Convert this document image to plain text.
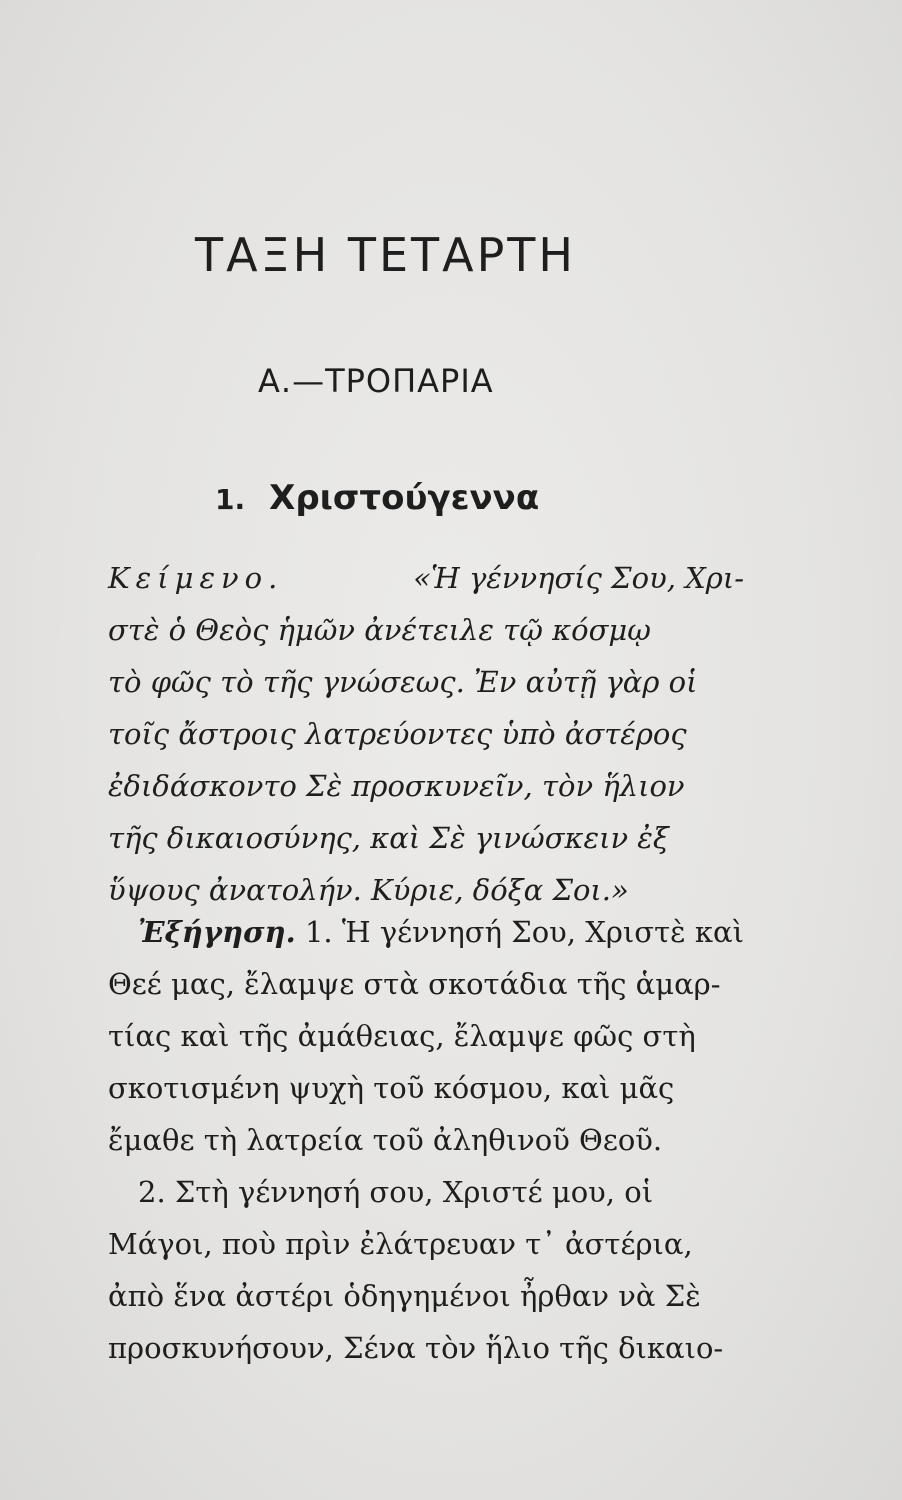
ΤΑΞΗ ΤΕΤΑΡΤΗ
Α.—ΤΡΟΠΑΡΙΑ
1. Χριστούγεννα
Κείμενο.	«Ἡ γέννησίς Σου, Χρι-
στὲ ὁ Θεὸς ἡμῶν ἀνέτειλε τῷ κόσμῳ
τὸ φῶς τὸ τῆς γνώσεως. Ἐν αὐτῇ γὰρ οἱ
τοῖς ἄστροις λατρεύοντες ὑπὸ ἀστέρος
ἐδιδάσκοντο Σὲ προσκυνεῖν, τὸν ἥλιον
τῆς δικαιοσύνης, καὶ Σὲ γινώσκειν ἐξ
ὕψους ἀνατολήν. Κύριε, δόξα Σοι.»
Ἐξήγηση. 1. Ἡ γέννησή Σου, Χριστὲ καὶ
Θεέ μας, ἔλαμψε στὰ σκοτάδια τῆς ἁμαρ-
τίας καὶ τῆς ἀμάθειας, ἔλαμψε φῶς στὴ
σκοτισμένη ψυχὴ τοῦ κόσμου, καὶ μᾶς
ἔμαθε τὴ λατρεία τοῦ ἀληθινοῦ Θεοῦ.
2. Στὴ γέννησή σου, Χριστέ μου, οἱ
Μάγοι, ποὺ πρὶν ἐλάτρευαν τ᾿ ἀστέρια,
ἀπὸ ἕνα ἀστέρι ὁδηγημένοι ἦρθαν νὰ Σὲ
προσκυνήσουν, Σένα τὸν ἥλιο τῆς δικαιο-
